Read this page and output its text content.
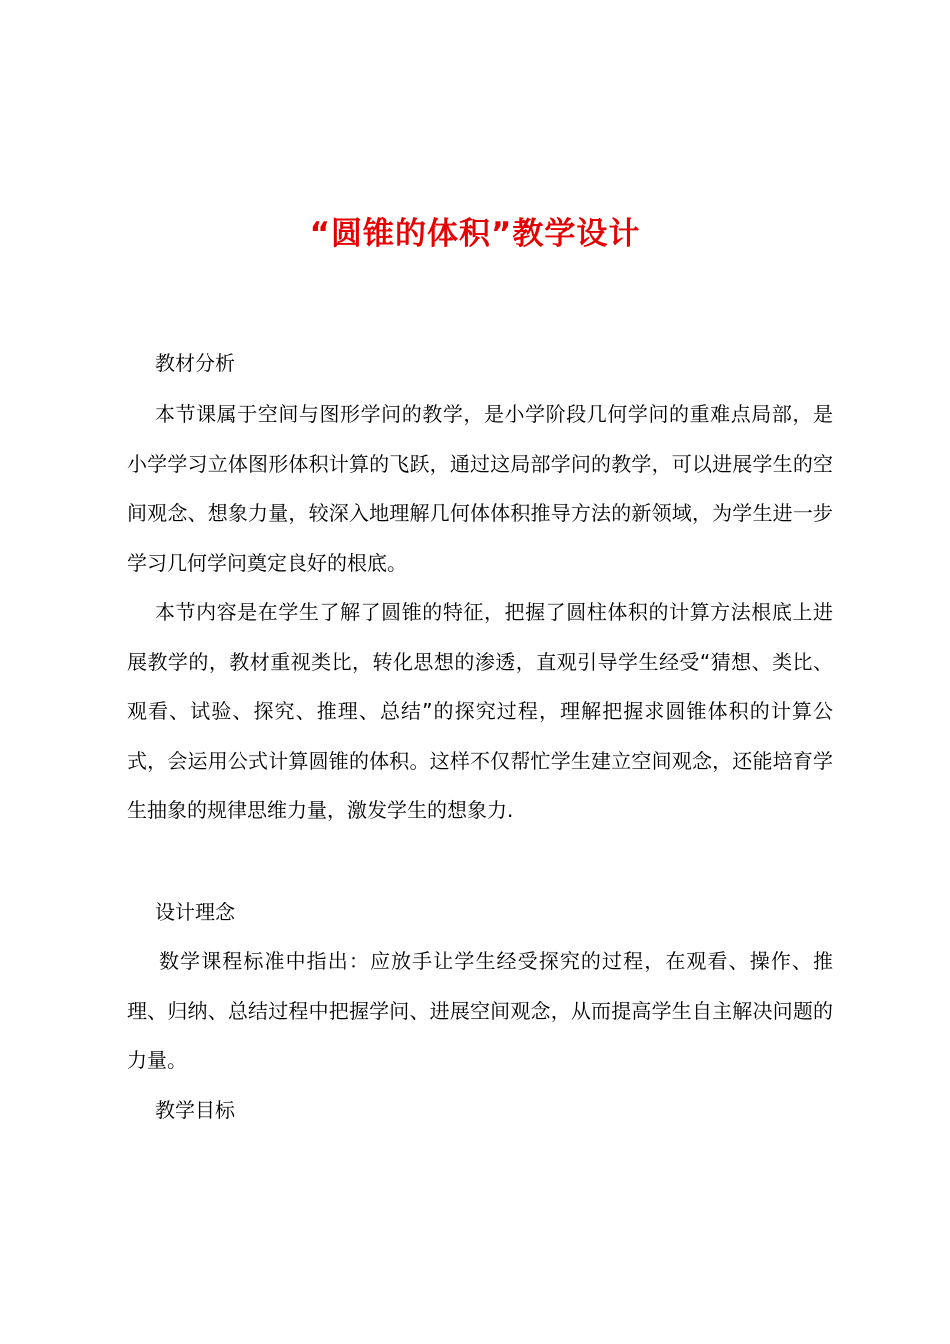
“圆锥的体积”教学设计
教材分析
本节课属于空间与图形学问的教学，是小学阶段几何学问的重难点局部，是小学学习立体图形体积计算的飞跃，通过这局部学问的教学，可以进展学生的空间观念、想象力量，较深入地理解几何体体积推导方法的新领域，为学生进一步学习几何学问奠定良好的根底。
本节内容是在学生了解了圆锥的特征，把握了圆柱体积的计算方法根底上进展教学的，教材重视类比，转化思想的渗透，直观引导学生经受“猜想、类比、观看、试验、探究、推理、总结”的探究过程，理解把握求圆锥体积的计算公式，会运用公式计算圆锥的体积。这样不仅帮忙学生建立空间观念，还能培育学生抽象的规律思维力量，激发学生的想象力.
设计理念
数学课程标准中指出：应放手让学生经受探究的过程，在观看、操作、推理、归纳、总结过程中把握学问、进展空间观念，从而提高学生自主解决问题的力量。
教学目标
